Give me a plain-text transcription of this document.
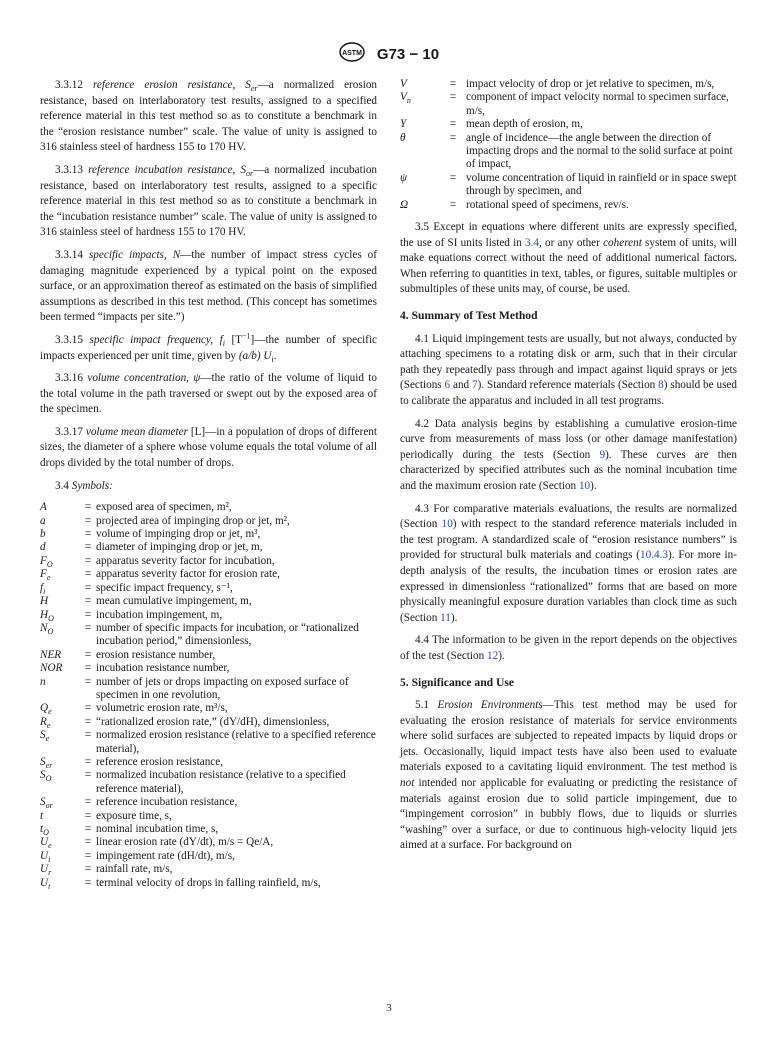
ASTM G73 − 10

3.3.12 reference erosion resistance, $S_{er}—a$ normalized erosion resistance, based on interlaboratory test results, assigned to a specified reference material in this test method so as to constitute a benchmark in the “erosion resistance number” scale. The value of unity is assigned to 316 stainless steel of hardness 155 to 170 HV.

3.3.13 reference incubation resistance, $S_{or}—a$ normalized incubation resistance, based on interlaboratory test results, assigned to a specific reference material in this test method so as to constitute a benchmark in the “incubation resistance number” scale. The value of unity is assigned to 316 stainless steel of hardness 155 to 170 HV.

3.3.14 specific impacts, N—the number of impact stress cycles of damaging magnitude experienced by a typical point on the exposed surface, or an approximation thereof as estimated on the basis of simplified assumptions as described in this test method. (This concept has sometimes been termed “impacts per site.”)

3.3.15 specific impact frequency, $f_i$ $[T^{-1}]—the$ number of specific impacts experienced per unit time, given by (a/b) $U_i$.

3.3.16 volume concentration, ψ—the ratio of the volume of liquid to the total volume in the path traversed or swept out by the exposed area of the specimen.

3.3.17 volume mean diameter [L]—in a population of drops of different sizes, the diameter of a sphere whose volume equals the total volume of all drops divided by the total number of drops.

3.4 Symbols:

A	=	exposed area of specimen, m²,
a	=	projected area of impinging drop or jet, m²,
b	=	volume of impinging drop or jet, m³,
d	=	diameter of impinging drop or jet, m,
$F_O$	=	apparatus severity factor for incubation,
$F_e$	=	apparatus severity factor for erosion rate,
$f_i$	=	specific impact frequency, s⁻¹,
H	=	mean cumulative impingement, m,
$H_O$	=	incubation impingement, m,
$N_O$	=	number of specific impacts for incubation, or “rationalized incubation period,” dimensionless,
NER	=	erosion resistance number,
NOR	=	incubation resistance number,
n	=	number of jets or drops impacting on exposed surface of specimen in one revolution,
$Q_e$	=	volumetric erosion rate, m³/s,
$R_e$	=	“rationalized erosion rate,” (dY/dH), dimensionless,
$S_e$	=	normalized erosion resistance (relative to a specified reference material),
$S_{er}$	=	reference erosion resistance,
$S_O$	=	normalized incubation resistance (relative to a specified reference material),
$S_{or}$	=	reference incubation resistance,
t	=	exposure time, s,
$t_O$	=	nominal incubation time, s,
$U_e$	=	linear erosion rate (dY/dt), m/s = Qe/A,
$U_i$	=	impingement rate (dH/dt), m/s,
$U_r$	=	rainfall rate, m/s,
$U_t$	=	terminal velocity of drops in falling rainfield, m/s,
V	=	impact velocity of drop or jet relative to specimen, m/s,
$V_n$	=	component of impact velocity normal to specimen surface, m/s,
Y	=	mean depth of erosion, m,
θ	=	angle of incidence—the angle between the direction of impacting drops and the normal to the solid surface at point of impact,
ψ	=	volume concentration of liquid in rainfield or in space swept through by specimen, and
Ω	=	rotational speed of specimens, rev/s.

3.5 Except in equations where different units are expressly specified, the use of SI units listed in 3.4, or any other coherent system of units, will make equations correct without the need of additional numerical factors. When referring to quantities in text, tables, or figures, suitable multiples or submultiples of these units may, of course, be used.

4. Summary of Test Method

4.1 Liquid impingement tests are usually, but not always, conducted by attaching specimens to a rotating disk or arm, such that in their circular path they repeatedly pass through and impact against liquid sprays or jets (Sections 6 and 7). Standard reference materials (Section 8) should be used to calibrate the apparatus and included in all test programs.

4.2 Data analysis begins by establishing a cumulative erosion-time curve from measurements of mass loss (or other damage manifestation) periodically during the tests (Section 9). These curves are then characterized by specified attributes such as the nominal incubation time and the maximum erosion rate (Section 10).

4.3 For comparative materials evaluations, the results are normalized (Section 10) with respect to the standard reference materials included in the test program. A standardized scale of “erosion resistance numbers” is provided for structural bulk materials and coatings (10.4.3). For more in-depth analysis of the results, the incubation times or erosion rates are expressed in dimensionless “rationalized” forms that are based on more physically meaningful exposure duration variables than clock time as such (Section 11).

4.4 The information to be given in the report depends on the objectives of the test (Section 12).

5. Significance and Use

5.1 Erosion Environments—This test method may be used for evaluating the erosion resistance of materials for service environments where solid surfaces are subjected to repeated impacts by liquid drops or jets. Occasionally, liquid impact tests have also been used to evaluate materials exposed to a cavitating liquid environment. The test method is not intended nor applicable for evaluating or predicting the resistance of materials against erosion due to solid particle impingement, due to “impingement corrosion” in bubbly flows, due to liquids or slurries “washing” over a surface, or due to continuous high-velocity liquid jets aimed at a surface. For background on

3
